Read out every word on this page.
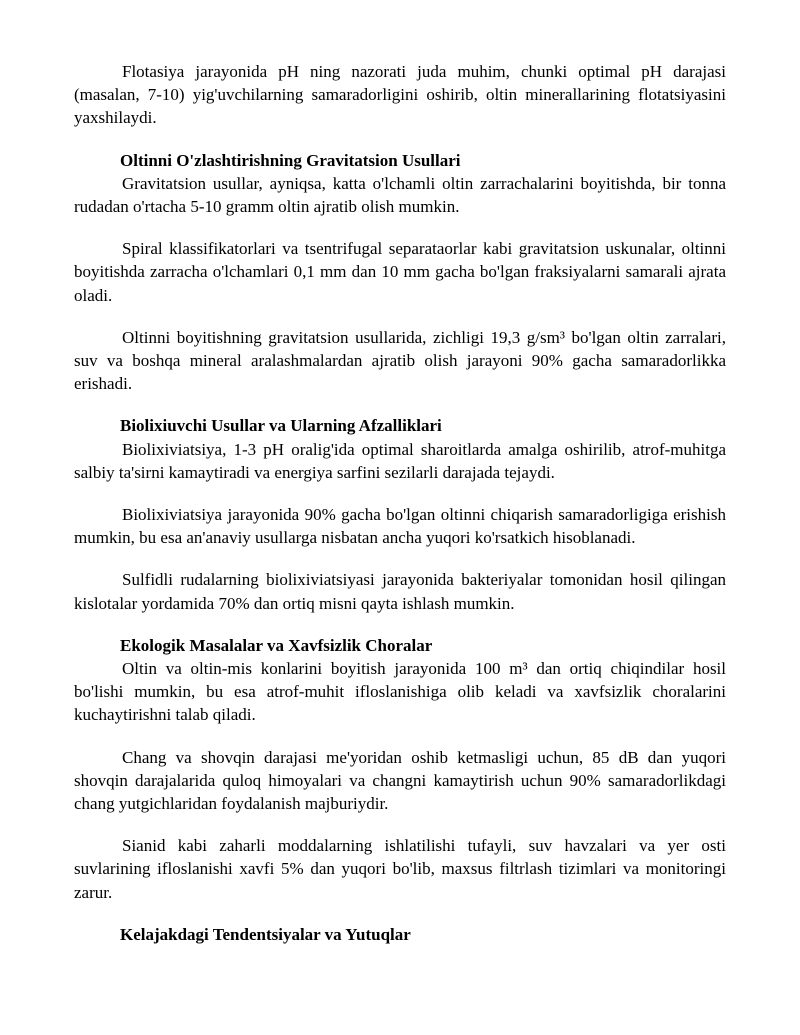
Flotasiya jarayonida pH ning nazorati juda muhim, chunki optimal pH darajasi (masalan, 7-10) yig'uvchilarning samaradorligini oshirib, oltin minerallarining flotatsiyasini yaxshilaydi.

Oltinni O'zlashtirishning Gravitatsion Usullari

Gravitatsion usullar, ayniqsa, katta o'lchamli oltin zarrachalarini boyitishda, bir tonna rudadan o'rtacha 5-10 gramm oltin ajratib olish mumkin.

Spiral klassifikatorlari va tsentrifugal separataorlar kabi gravitatsion uskunalar, oltinni boyitishda zarracha o'lchamlari 0,1 mm dan 10 mm gacha bo'lgan fraksiyalarni samarali ajrata oladi.

Oltinni boyitishning gravitatsion usullarida, zichligi 19,3 g/sm³ bo'lgan oltin zarralari, suv va boshqa mineral aralashmalardan ajratib olish jarayoni 90% gacha samaradorlikka erishadi.

Biolixiuvchi Usullar va Ularning Afzalliklari

Biolixiviatsiya, 1-3 pH oralig'ida optimal sharoitlarda amalga oshirilib, atrof-muhitga salbiy ta'sirni kamaytiradi va energiya sarfini sezilarli darajada tejaydi.

Biolixiviatsiya jarayonida 90% gacha bo'lgan oltinni chiqarish samaradorligiga erishish mumkin, bu esa an'anaviy usullarga nisbatan ancha yuqori ko'rsatkich hisoblanadi.

Sulfidli rudalarning biolixiviatsiyasi jarayonida bakteriyalar tomonidan hosil qilingan kislotalar yordamida 70% dan ortiq misni qayta ishlash mumkin.

Ekologik Masalalar va Xavfsizlik Choralar

Oltin va oltin-mis konlarini boyitish jarayonida 100 m³ dan ortiq chiqindilar hosil bo'lishi mumkin, bu esa atrof-muhit ifloslanishiga olib keladi va xavfsizlik choralarini kuchaytirishni talab qiladi.

Chang va shovqin darajasi me'yoridan oshib ketmasligi uchun, 85 dB dan yuqori shovqin darajalarida quloq himoyalari va changni kamaytirish uchun 90% samaradorlikdagi chang yutgichlaridan foydalanish majburiydir.

Sianid kabi zaharli moddalarning ishlatilishi tufayli, suv havzalari va yer osti suvlarining ifloslanishi xavfi 5% dan yuqori bo'lib, maxsus filtrlash tizimlari va monitoringi zarur.

Kelajakdagi Tendentsiyalar va Yutuqlar
